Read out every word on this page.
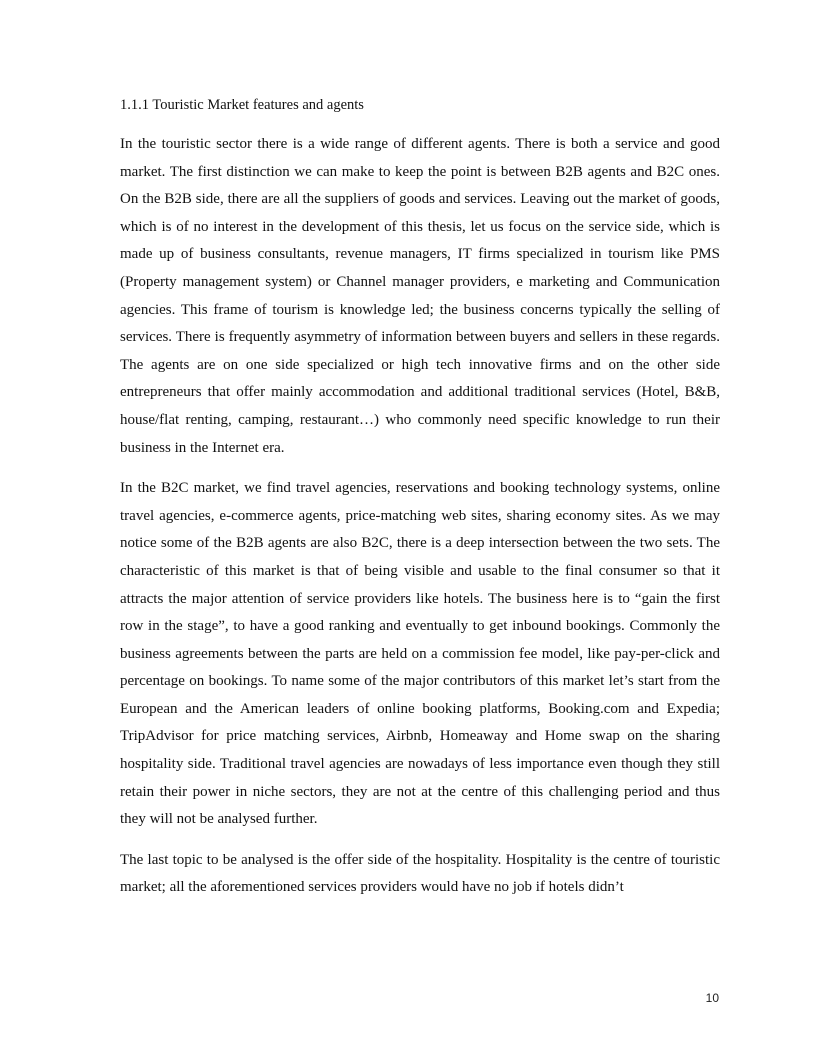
1.1.1 Touristic Market features and agents

In the touristic sector there is a wide range of different agents. There is both a service and good market. The first distinction we can make to keep the point is between B2B agents and B2C ones. On the B2B side, there are all the suppliers of goods and services. Leaving out the market of goods, which is of no interest in the development of this thesis, let us focus on the service side, which is made up of business consultants, revenue managers, IT firms specialized in tourism like PMS (Property management system) or Channel manager providers, e marketing and Communication agencies. This frame of tourism is knowledge led; the business concerns typically the selling of services. There is frequently asymmetry of information between buyers and sellers in these regards. The agents are on one side specialized or high tech innovative firms and on the other side entrepreneurs that offer mainly accommodation and additional traditional services (Hotel, B&B, house/flat renting, camping, restaurant…) who commonly need specific knowledge to run their business in the Internet era.

In the B2C market, we find travel agencies, reservations and booking technology systems, online travel agencies, e-commerce agents, price-matching web sites, sharing economy sites. As we may notice some of the B2B agents are also B2C, there is a deep intersection between the two sets. The characteristic of this market is that of being visible and usable to the final consumer so that it attracts the major attention of service providers like hotels. The business here is to “gain the first row in the stage”, to have a good ranking and eventually to get inbound bookings. Commonly the business agreements between the parts are held on a commission fee model, like pay-per-click and percentage on bookings. To name some of the major contributors of this market let’s start from the European and the American leaders of online booking platforms, Booking.com and Expedia; TripAdvisor for price matching services, Airbnb, Homeaway and Home swap on the sharing hospitality side. Traditional travel agencies are nowadays of less importance even though they still retain their power in niche sectors, they are not at the centre of this challenging period and thus they will not be analysed further.

The last topic to be analysed is the offer side of the hospitality. Hospitality is the centre of touristic market; all the aforementioned services providers would have no job if hotels didn’t

10
